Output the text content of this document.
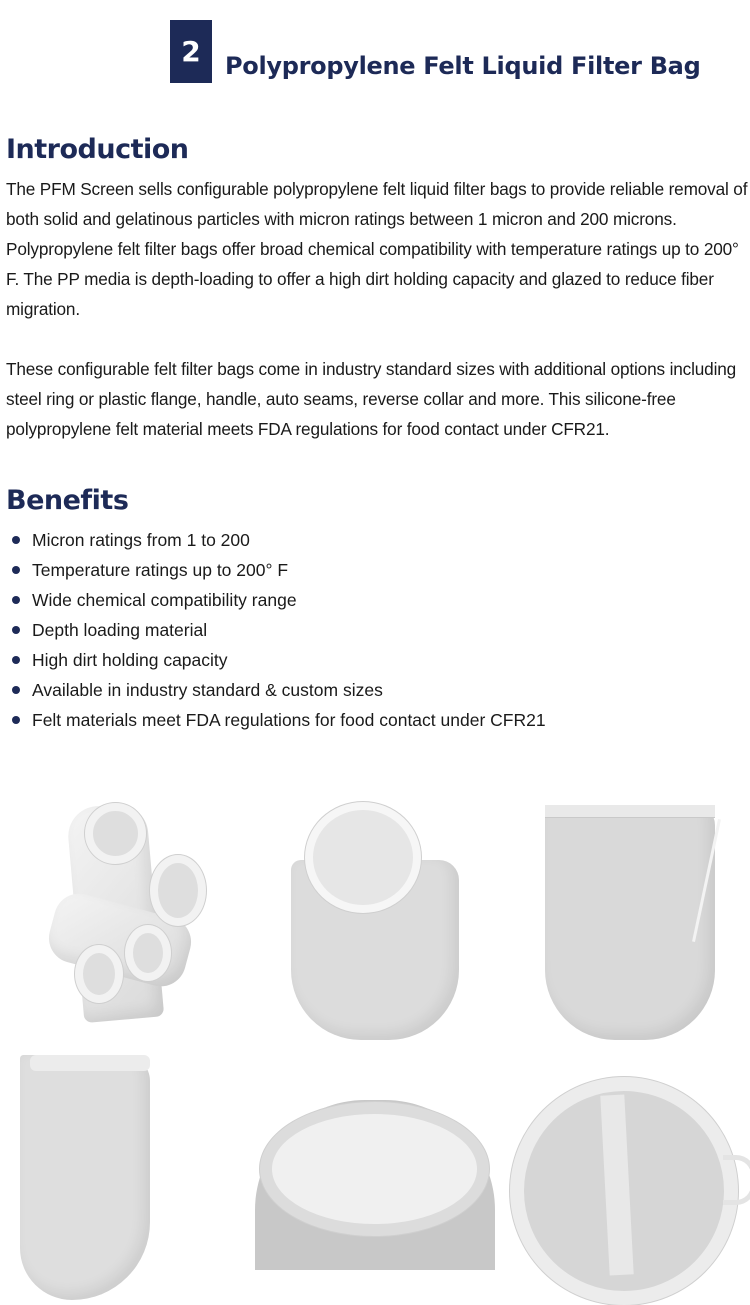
2	Polypropylene Felt Liquid Filter Bag
Introduction

The PFM Screen sells configurable polypropylene felt liquid filter bags to provide reliable removal of both solid and gelatinous particles with micron ratings between 1 micron and 200 microns. Polypropylene felt filter bags offer broad chemical compatibility with temperature ratings up to 200° F. The PP media is depth-loading to offer a high dirt holding capacity and glazed to reduce fiber migration.

These configurable felt filter bags come in industry standard sizes with additional options including steel ring or plastic flange, handle, auto seams, reverse collar and more. This silicone-free polypropylene felt material meets FDA regulations for food contact under CFR21.

Benefits
Micron ratings from 1 to 200
Temperature ratings up to 200° F
Wide chemical compatibility range
Depth loading material
High dirt holding capacity
Available in industry standard & custom sizes
Felt materials meet FDA regulations for food contact under CFR21
